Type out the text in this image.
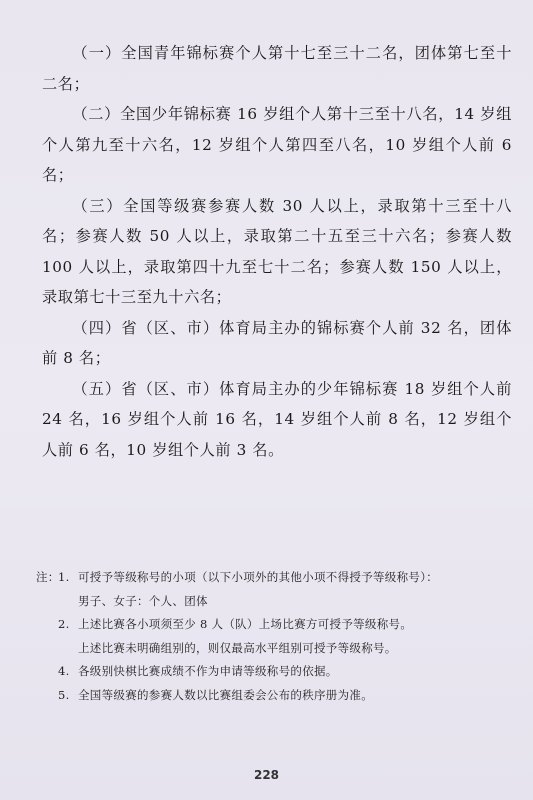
（一）全国青年锦标赛个人第十七至三十二名，团体第七至十二名；

（二）全国少年锦标赛 16 岁组个人第十三至十八名，14 岁组个人第九至十六名，12 岁组个人第四至八名，10 岁组个人前 6 名；

（三）全国等级赛参赛人数 30 人以上，录取第十三至十八名；参赛人数 50 人以上，录取第二十五至三十六名；参赛人数 100 人以上，录取第四十九至七十二名；参赛人数 150 人以上，录取第七十三至九十六名；

（四）省（区、市）体育局主办的锦标赛个人前 32 名，团体前 8 名；

（五）省（区、市）体育局主办的少年锦标赛 18 岁组个人前 24 名，16 岁组个人前 16 名，14 岁组个人前 8 名，12 岁组个人前 6 名，10 岁组个人前 3 名。

注：
1. 可授予等级称号的小项（以下小项外的其他小项不得授予等级称号）：
男子、女子：个人、团体
2. 上述比赛各小项须至少 8 人（队）上场比赛方可授予等级称号。
上述比赛未明确组别的，则仅最高水平组别可授予等级称号。
4. 各级别快棋比赛成绩不作为申请等级称号的依据。
5. 全国等级赛的参赛人数以比赛组委会公布的秩序册为准。
228
